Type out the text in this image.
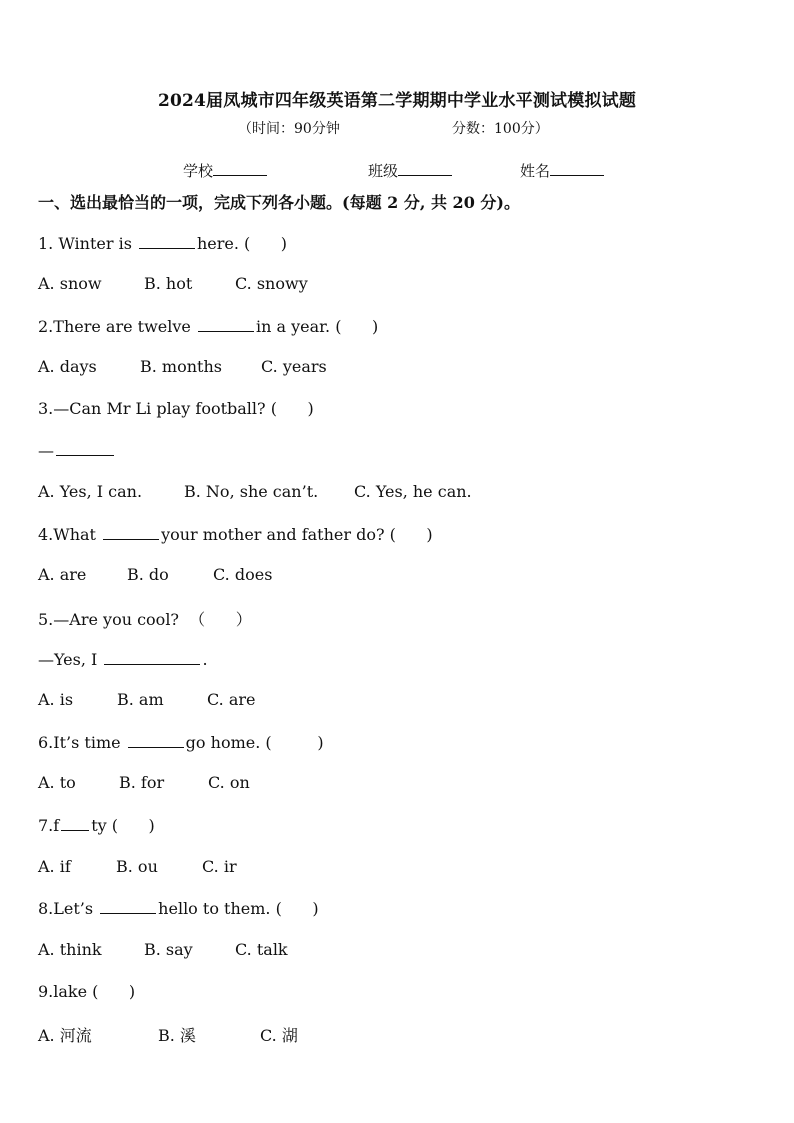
2024届凤城市四年级英语第二学期期中学业水平测试模拟试题
（时间：90分钟	分数：100分）
学校	班级	姓名
一、选出最恰当的一项，完成下列各小题。(每题 2 分, 共 20 分)。
1. Winter is	here. (      )
A. snow	B. hot	C. snowy
2.There are twelve	in a year. (      )
A. days	B. months C. years
3.—Can Mr Li play football? (      )
—
A. Yes, I can.	B. No, she can’t. C. Yes, he can.
4.What	your mother and father do? (      )
A. are	B. do	C. does
5.—Are you cool?  （      ）
—Yes, I	.
A. is	B. am	C. are
6.It’s time	go home. (         )
A. to	B. for	C. on
7.f ty (      )
A. if	B. ou	C. ir
8.Let’s	hello to them. (      )
A. think	B. say	C. talk
9.lake (      )
A. 河流	B. 溪	C. 湖
